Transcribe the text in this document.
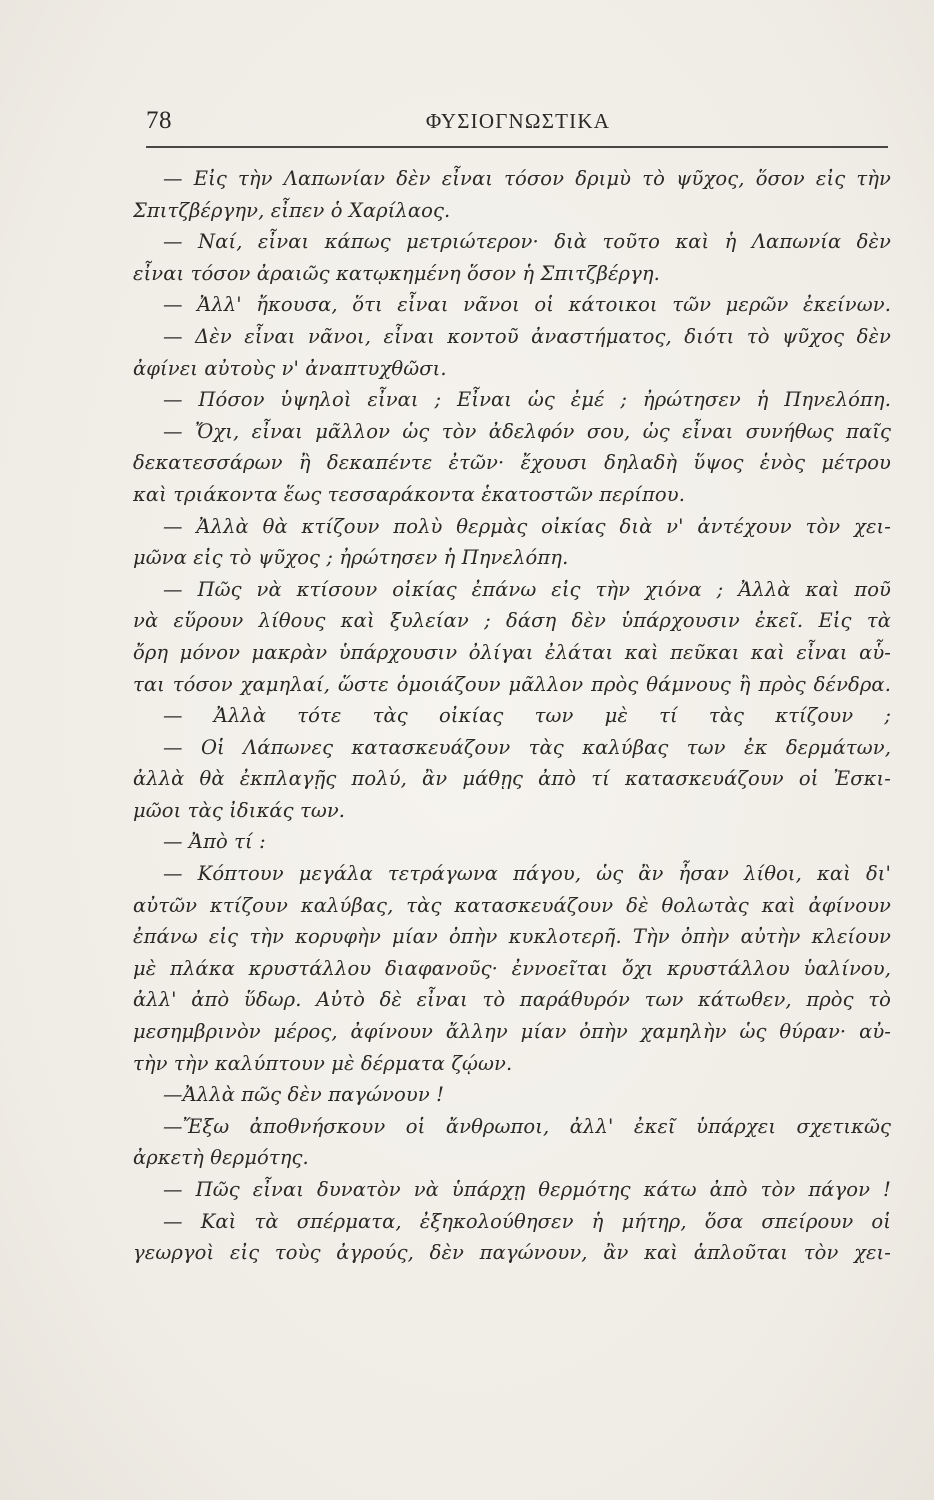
78	ΦΥΣΙΟΓΝΩΣΤΙΚΑ
— Εἰς τὴν Λαπωνίαν δὲν εἶναι τόσον δριμὺ τὸ ψῦχος, ὅσον εἰς τὴν
Σπιτζβέργην, εἶπεν ὁ Χαρίλαος.
— Ναί, εἶναι κάπως μετριώτερον· διὰ τοῦτο καὶ ἡ Λαπωνία δὲν
εἶναι τόσον ἀραιῶς κατῳκημένη ὅσον ἡ Σπιτζβέργη.
— Ἀλλ' ἤκουσα, ὅτι εἶναι νᾶνοι οἱ κάτοικοι τῶν μερῶν ἐκείνων.
— Δὲν εἶναι νᾶνοι, εἶναι κοντοῦ ἀναστήματος, διότι τὸ ψῦχος δὲν
ἀφίνει αὐτοὺς ν' ἀναπτυχθῶσι.
— Πόσον ὑψηλοὶ εἶναι ; Εἶναι ὡς ἐμέ ; ἠρώτησεν ἡ Πηνελόπη.
— Ὄχι, εἶναι μᾶλλον ὡς τὸν ἀδελφόν σου, ὡς εἶναι συνήθως παῖς
δεκατεσσάρων ἢ δεκαπέντε ἐτῶν· ἔχουσι δηλαδὴ ὕψος ἑνὸς μέτρου
καὶ τριάκοντα ἕως τεσσαράκοντα ἑκατοστῶν περίπου.
— Ἀλλὰ θὰ κτίζουν πολὺ θερμὰς οἰκίας διὰ ν' ἀντέχουν τὸν χει-
μῶνα εἰς τὸ ψῦχος ; ἠρώτησεν ἡ Πηνελόπη.
— Πῶς νὰ κτίσουν οἰκίας ἐπάνω εἰς τὴν χιόνα ; Ἀλλὰ καὶ ποῦ
νὰ εὕρουν λίθους καὶ ξυλείαν ; δάση δὲν ὑπάρχουσιν ἐκεῖ. Εἰς τὰ
ὄρη μόνον μακρὰν ὑπάρχουσιν ὀλίγαι ἐλάται καὶ πεῦκαι καὶ εἶναι αὗ-
ται τόσον χαμηλαί, ὥστε ὁμοιάζουν μᾶλλον πρὸς θάμνους ἢ πρὸς δένδρα.
— Ἀλλὰ τότε τὰς οἰκίας των μὲ τί τὰς κτίζουν ;
— Οἱ Λάπωνες κατασκευάζουν τὰς καλύβας των ἐκ δερμάτων,
ἀλλὰ θὰ ἐκπλαγῇς πολύ, ἂν μάθῃς ἀπὸ τί κατασκευάζουν οἱ Ἐσκι-
μῶοι τὰς ἰδικάς των.
— Ἀπὸ τί :
— Κόπτουν μεγάλα τετράγωνα πάγου, ὡς ἂν ἦσαν λίθοι, καὶ δι'
αὐτῶν κτίζουν καλύβας, τὰς κατασκευάζουν δὲ θολωτὰς καὶ ἀφίνουν
ἐπάνω εἰς τὴν κορυφὴν μίαν ὀπὴν κυκλοτερῆ. Τὴν ὀπὴν αὐτὴν κλείουν
μὲ πλάκα κρυστάλλου διαφανοῦς· ἐννοεῖται ὄχι κρυστάλλου ὑαλίνου,
ἀλλ' ἀπὸ ὕδωρ. Αὐτὸ δὲ εἶναι τὸ παράθυρόν των κάτωθεν, πρὸς τὸ
μεσημβρινὸν μέρος, ἀφίνουν ἄλλην μίαν ὀπὴν χαμηλὴν ὡς θύραν· αὐ-
τὴν τὴν καλύπτουν μὲ δέρματα ζῴων.
—Ἀλλὰ πῶς δὲν παγώνουν !
—Ἔξω ἀποθνήσκουν οἱ ἄνθρωποι, ἀλλ' ἐκεῖ ὑπάρχει σχετικῶς
ἀρκετὴ θερμότης.
— Πῶς εἶναι δυνατὸν νὰ ὑπάρχῃ θερμότης κάτω ἀπὸ τὸν πάγον !
— Καὶ τὰ σπέρματα, ἐξηκολούθησεν ἡ μήτηρ, ὅσα σπείρουν οἱ
γεωργοὶ εἰς τοὺς ἀγρούς, δὲν παγώνουν, ἂν καὶ ἁπλοῦται τὸν χει-
